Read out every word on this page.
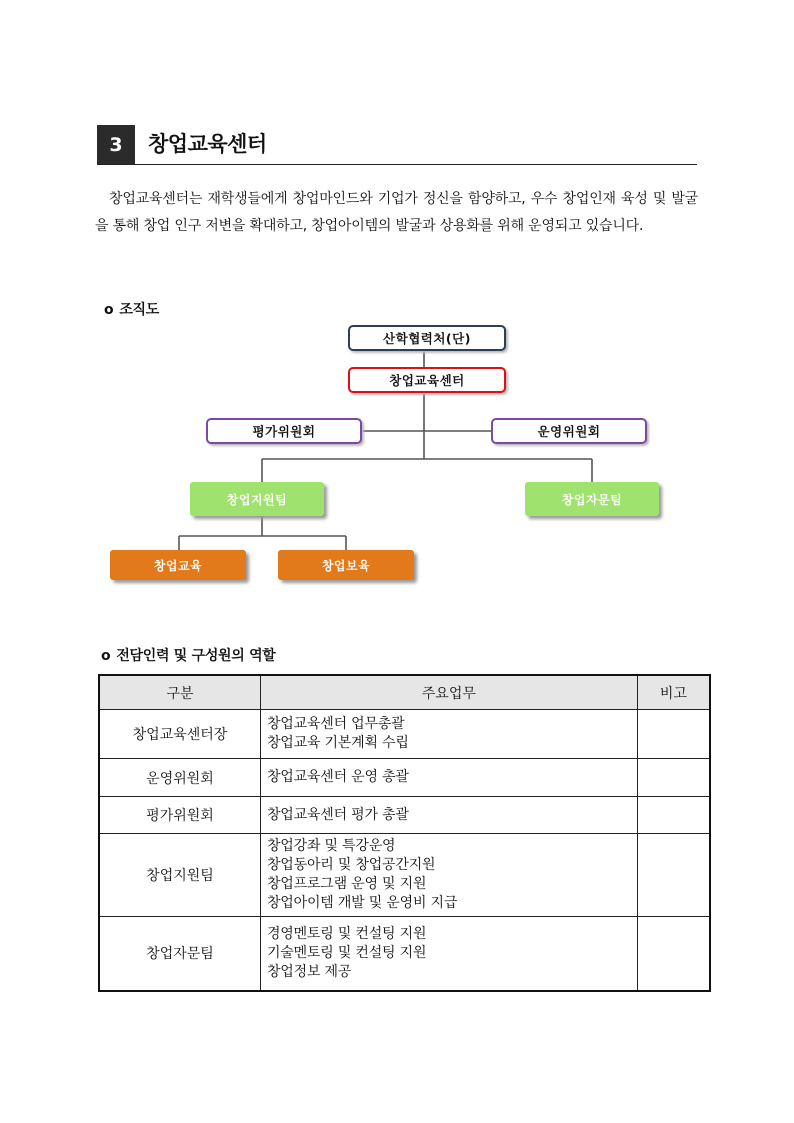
3	창업교육센터

창업교육센터는 재학생들에게 창업마인드와 기업가 정신을 함양하고, 우수 창업인재 육성 및 발굴을 통해 창업 인구 저변을 확대하고, 창업아이템의 발굴과 상용화를 위해 운영되고 있습니다.

o 조직도
산학협력처(단)
창업교육센터
평가위원회	운영위원회
창업지원팀	창업자문팀
창업교육	창업보육
o 전담인력 및 구성원의 역할
구분	주요업무	비고
창업교육센터장	창업교육센터 업무총괄
창업교육 기본계획 수립	

운영위원회	창업교육센터 운영 총괄	

평가위원회	창업교육센터 평가 총괄	

창업지원팀	창업강좌 및 특강운영
창업동아리 및 창업공간지원
창업프로그램 운영 및 지원
창업아이템 개발 및 운영비 지급	

창업자문팀	경영멘토링 및 컨설팅 지원
기술멘토링 및 컨설팅 지원
창업정보 제공	
